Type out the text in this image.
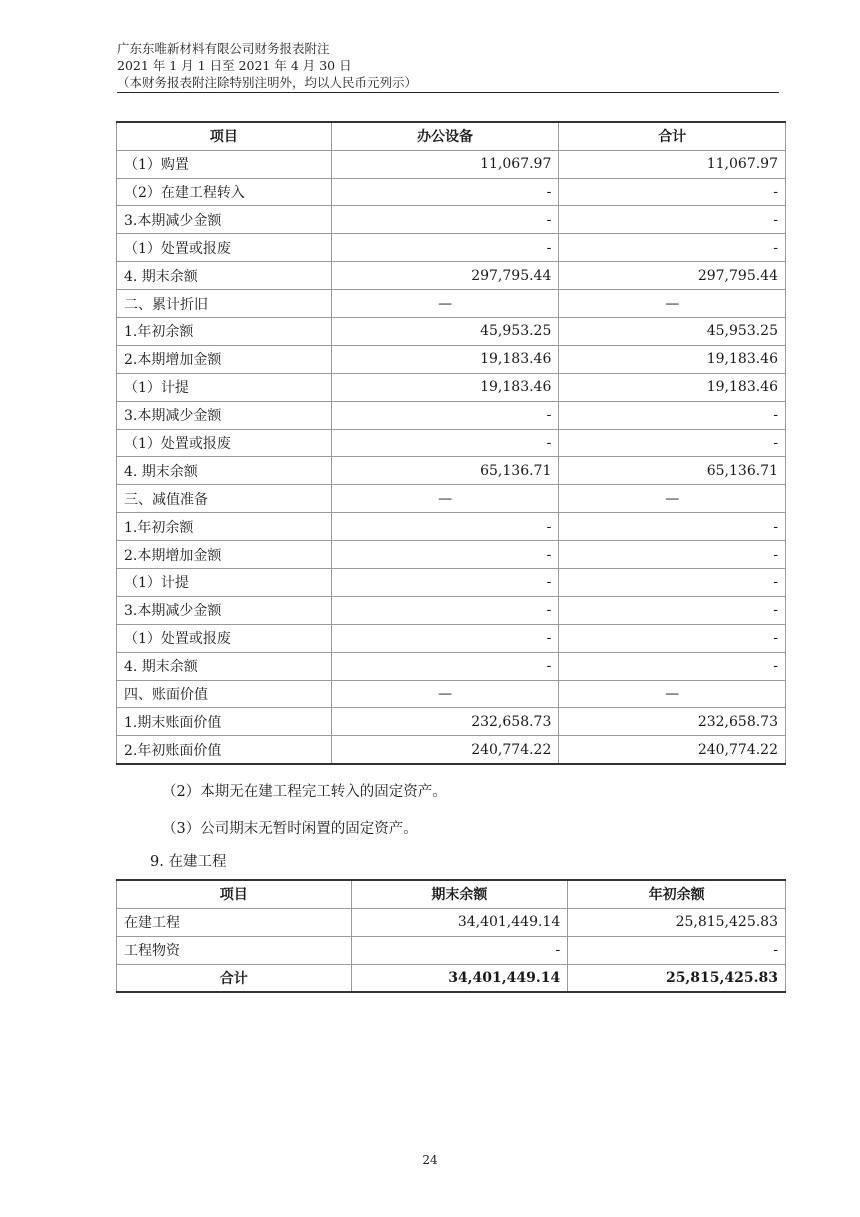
广东东唯新材料有限公司财务报表附注
2021 年 1 月 1 日至 2021 年 4 月 30 日
（本财务报表附注除特别注明外，均以人民币元列示）
项目	办公设备	合计
（1）购置	11,067.97	11,067.97
（2）在建工程转入	-	-
3.本期减少金额	-	-
（1）处置或报废	-	-
4. 期末余额	297,795.44	297,795.44
二、累计折旧	—	—
1.年初余额	45,953.25	45,953.25
2.本期增加金额	19,183.46	19,183.46
（1）计提	19,183.46	19,183.46
3.本期减少金额	-	-
（1）处置或报废	-	-
4. 期末余额	65,136.71	65,136.71
三、减值准备	—	—
1.年初余额	-	-
2.本期增加金额	-	-
（1）计提	-	-
3.本期减少金额	-	-
（1）处置或报废	-	-
4. 期末余额	-	-
四、账面价值	—	—
1.期末账面价值	232,658.73	232,658.73
2.年初账面价值	240,774.22	240,774.22
（2）本期无在建工程完工转入的固定资产。
（3）公司期末无暂时闲置的固定资产。
9. 在建工程
项目	期末余额	年初余额
在建工程	34,401,449.14	25,815,425.83
工程物资	-	-
合计	34,401,449.14	25,815,425.83
24
